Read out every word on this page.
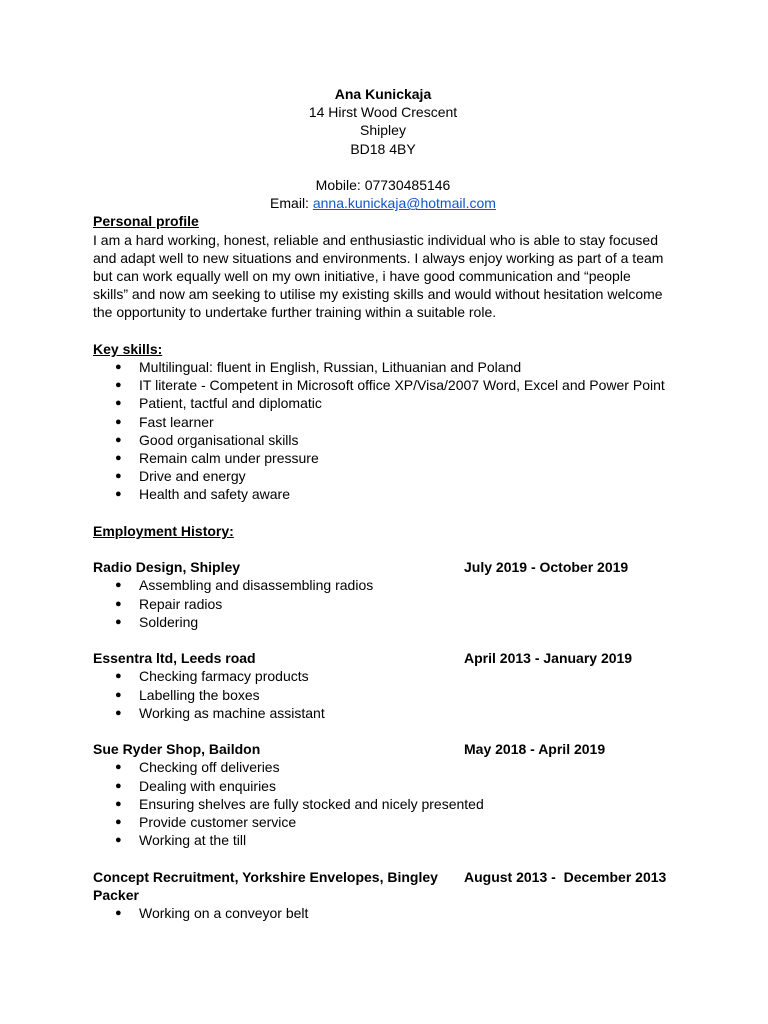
Ana Kunickaja
14 Hirst Wood Crescent
Shipley
BD18 4BY
Mobile: 07730485146
Email: anna.kunickaja@hotmail.com
Personal profile
I am a hard working, honest, reliable and enthusiastic individual who is able to stay focused
and adapt well to new situations and environments. I always enjoy working as part of a team
but can work equally well on my own initiative, i have good communication and “people
skills” and now am seeking to utilise my existing skills and would without hesitation welcome
the opportunity to undertake further training within a suitable role.
Key skills:
● Multilingual: fluent in English, Russian, Lithuanian and Poland
● IT literate - Competent in Microsoft office XP/Visa/2007 Word, Excel and Power Point
● Patient, tactful and diplomatic
● Fast learner
● Good organisational skills
● Remain calm under pressure
● Drive and energy
● Health and safety aware
Employment History:
Radio Design, Shipley	July 2019 - October 2019
● Assembling and disassembling radios
● Repair radios
● Soldering
Essentra ltd, Leeds road	April 2013 - January 2019
● Checking farmacy products
● Labelling the boxes
● Working as machine assistant
Sue Ryder Shop, Baildon	May 2018 - April 2019
● Checking off deliveries
● Dealing with enquiries
● Ensuring shelves are fully stocked and nicely presented
● Provide customer service
● Working at the till
Concept Recruitment, Yorkshire Envelopes, Bingley	August 2013 -  December 2013
Packer
● Working on a conveyor belt
